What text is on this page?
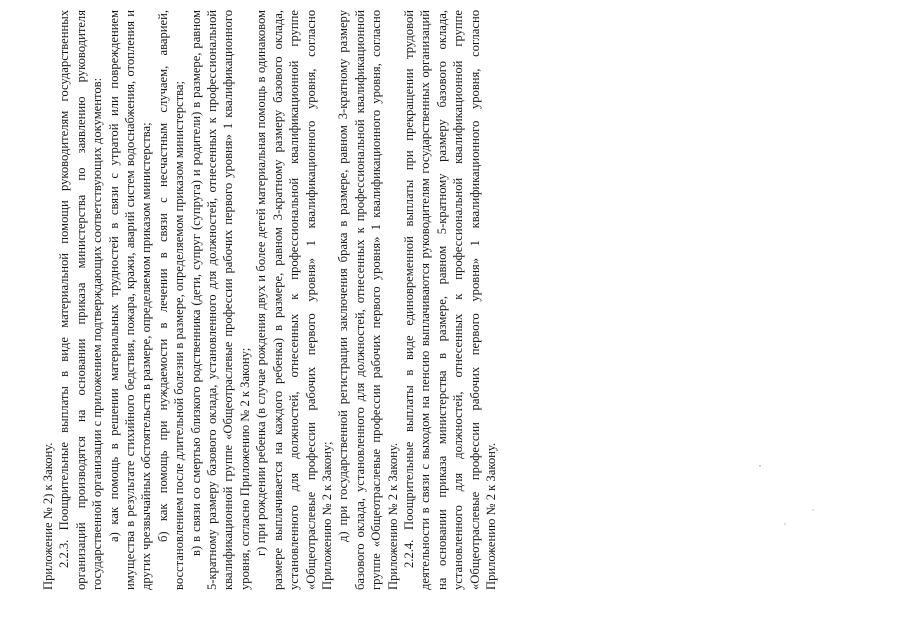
Приложение № 2) к Закону. 2.2.3. Поощрительные выплаты в виде материальной помощи руководителям государственных организаций производятся на основании приказа министерства по заявлению руководителя государственной организации с приложением подтверждающих соответствующих документов: а) как помощь в решении материальных трудностей в связи с утратой или повреждением имущества в результате стихийного бедствия, пожара, кражи, аварий систем водоснабжения, отопления и других чрезвычайных обстоятельств в размере, определяемом приказом министерства; б) как помощь при нуждаемости в лечении в связи с несчастным случаем, аварией, восстановлением после длительной болезни в размере, определяемом приказом министерства; в) в связи со смертью близкого родственника (дети, супруг (супруга) и родители) в размере, равном 5-кратному размеру базового оклада, установленного для должностей, отнесенных к профессиональной квалификационной группе «Общеотраслевые профессии рабочих первого уровня» 1 квалификационного уровня, согласно Приложению № 2 к Закону; г) при рождении ребенка (в случае рождения двух и более детей материальная помощь в одинаковом размере выплачивается на каждого ребенка) в размере, равном 3-кратному размеру базового оклада, установленного для должностей, отнесенных к профессиональной квалификационной группе «Общеотраслевые профессии рабочих первого уровня» 1 квалификационного уровня, согласно Приложению № 2 к Закону; д) при государственной регистрации заключения брака в размере, равном 3-кратному размеру базового оклада, установленного для должностей, отнесенных к профессиональной квалификационной группе «Общеотраслевые профессии рабочих первого уровня» 1 квалификационного уровня, согласно Приложению № 2 к Закону. 2.2.4. Поощрительные выплаты в виде единовременной выплаты при прекращении трудовой деятельности в связи с выходом на пенсию выплачиваются руководителям государственных организаций на основании приказа министерства в размере, равном 5-кратному размеру базового оклада, установленного для должностей, отнесенных к профессиональной квалификационной группе «Общеотраслевые профессии рабочих первого уровня» 1 квалификационного уровня, согласно Приложению № 2 к Закону.
